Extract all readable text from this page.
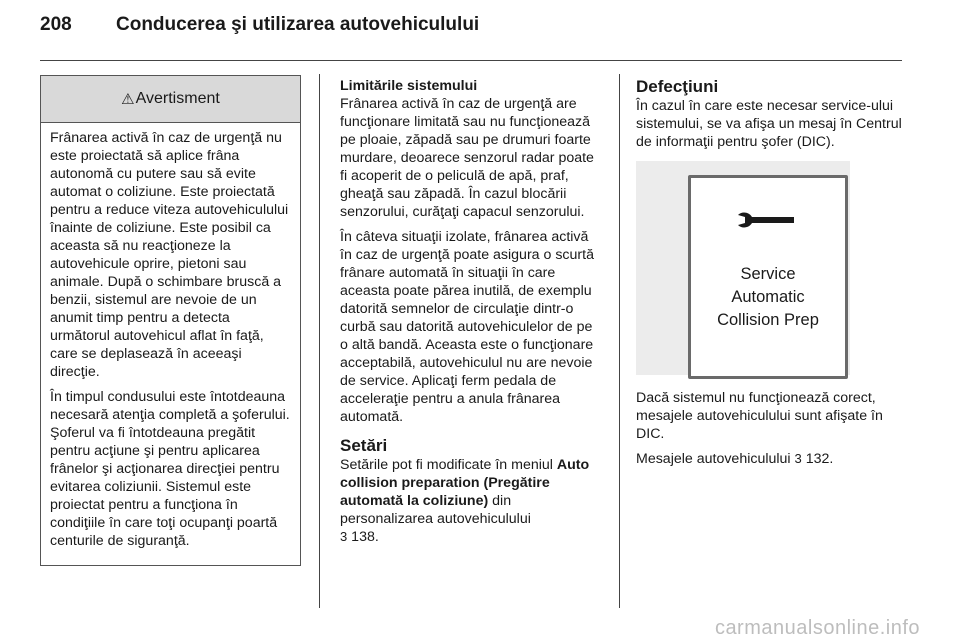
208 Conducerea şi utilizarea autovehiculului
⚠ Avertisment

Frânarea activă în caz de urgenţă nu este proiectată să aplice frâna autonomă cu putere sau să evite automat o coliziune. Este proiectată pentru a reduce viteza autovehiculului înainte de coliziune. Este posibil ca aceasta să nu reacţioneze la autovehicule oprire, pietoni sau animale. După o schimbare bruscă a benzii, sistemul are nevoie de un anumit timp pentru a detecta următorul autovehicul aflat în faţă, care se deplasează în aceeaşi direcţie.

În timpul condusului este întotdeauna necesară atenţia completă a şoferului. Şoferul va fi întotdeauna pregătit pentru acţiune şi pentru aplicarea frânelor şi acţionarea direcţiei pentru evitarea coliziunii. Sistemul este proiectat pentru a funcţiona în condiţiile în care toţi ocupanţi poartă centurile de siguranţă.

Limitările sistemului

Frânarea activă în caz de urgenţă are funcţionare limitată sau nu funcţionează pe ploaie, zăpadă sau pe drumuri foarte murdare, deoarece senzorul radar poate fi acoperit de o peliculă de apă, praf, gheaţă sau zăpadă. În cazul blocării senzorului, curăţaţi capacul senzorului.

În câteva situaţii izolate, frânarea activă în caz de urgenţă poate asigura o scurtă frânare automată în situaţii în care aceasta poate părea inutilă, de exemplu datorită semnelor de circulaţie dintr-o curbă sau datorită autovehiculelor de pe o altă bandă. Aceasta este o funcţionare acceptabilă, autovehiculul nu are nevoie de service. Aplicaţi ferm pedala de acceleraţie pentru a anula frânarea automată.

Setări

Setările pot fi modificate în meniul Auto collision preparation (Pregătire automată la coliziune) din personalizarea autovehiculului
3 138.

Defecţiuni

În cazul în care este necesar service-ului sistemului, se va afişa un mesaj în Centrul de informaţii pentru şofer (DIC).

Service
Automatic
Collision Prep

Dacă sistemul nu funcţionează corect, mesajele autovehiculului sunt afişate în DIC.

Mesajele autovehiculului 3 132.

carmanualsonline.info
